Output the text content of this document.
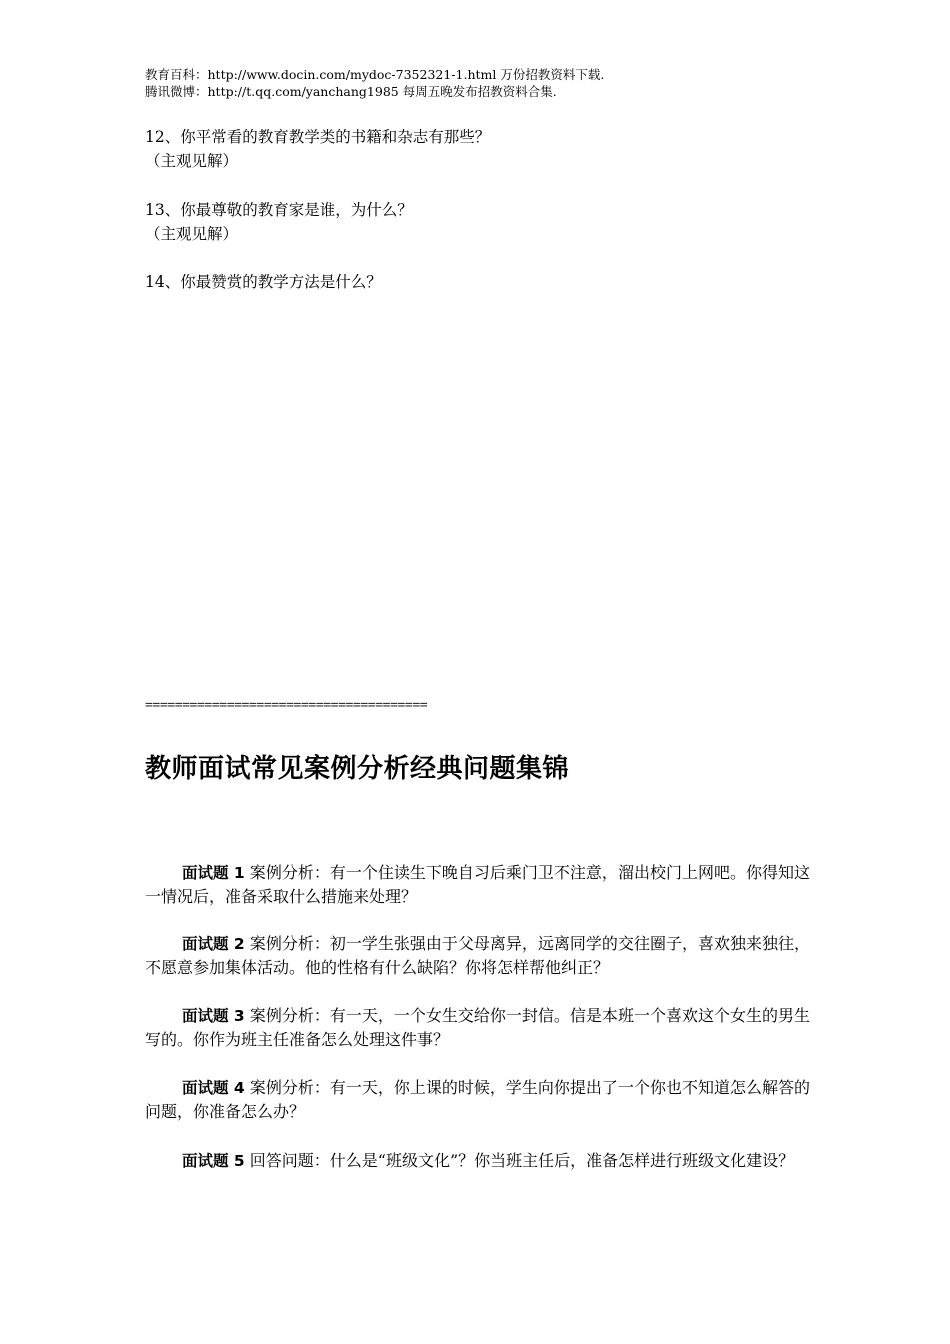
教育百科：http://www.docin.com/mydoc-7352321-1.html 万份招教资料下载.
腾讯微博：http://t.qq.com/yanchang1985 每周五晚发布招教资料合集.
12、你平常看的教育教学类的书籍和杂志有那些？
（主观见解）
13、你最尊敬的教育家是谁，为什么？
（主观见解）
14、你最赞赏的教学方法是什么？
======================================
教师面试常见案例分析经典问题集锦
面试题 1 案例分析：有一个住读生下晚自习后乘门卫不注意，溜出校门上网吧。你得知这一情况后，准备采取什么措施来处理？
面试题 2 案例分析：初一学生张强由于父母离异，远离同学的交往圈子，喜欢独来独往，不愿意参加集体活动。他的性格有什么缺陷？你将怎样帮他纠正？
面试题 3 案例分析：有一天，一个女生交给你一封信。信是本班一个喜欢这个女生的男生写的。你作为班主任准备怎么处理这件事？
面试题 4 案例分析：有一天，你上课的时候，学生向你提出了一个你也不知道怎么解答的问题，你准备怎么办？
面试题 5 回答问题：什么是“班级文化”？你当班主任后，准备怎样进行班级文化建设？
